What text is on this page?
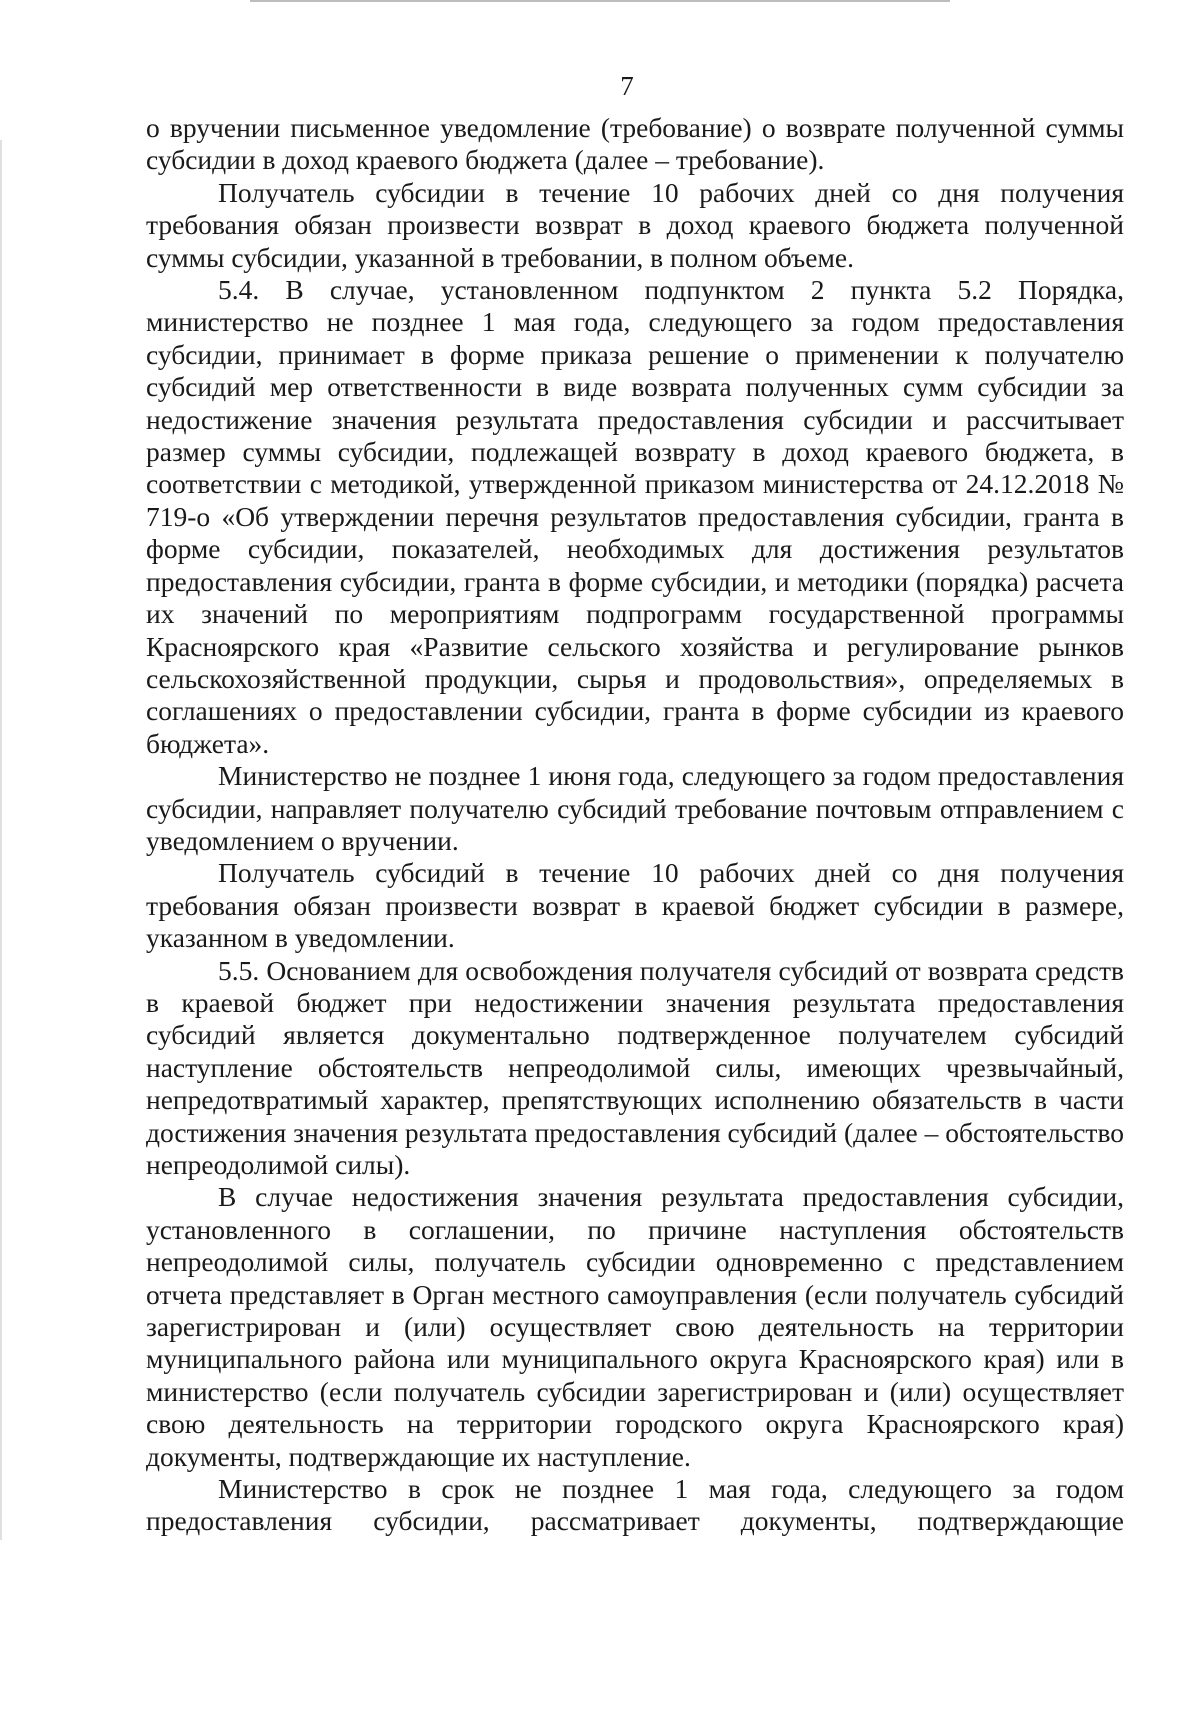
7

о вручении письменное уведомление (требование) о возврате полученной суммы субсидии в доход краевого бюджета (далее – требование).

Получатель субсидии в течение 10 рабочих дней со дня получения требования обязан произвести возврат в доход краевого бюджета полученной суммы субсидии, указанной в требовании, в полном объеме.

5.4. В случае, установленном подпунктом 2 пункта 5.2 Порядка, министерство не позднее 1 мая года, следующего за годом предоставления субсидии, принимает в форме приказа решение о применении к получателю субсидий мер ответственности в виде возврата полученных сумм субсидии за недостижение значения результата предоставления субсидии и рассчитывает размер суммы субсидии, подлежащей возврату в доход краевого бюджета, в соответствии с методикой, утвержденной приказом министерства от 24.12.2018 № 719-о «Об утверждении перечня результатов предоставления субсидии, гранта в форме субсидии, показателей, необходимых для достижения результатов предоставления субсидии, гранта в форме субсидии, и методики (порядка) расчета их значений по мероприятиям подпрограмм государственной программы Красноярского края «Развитие сельского хозяйства и регулирование рынков сельскохозяйственной продукции, сырья и продовольствия», определяемых в соглашениях о предоставлении субсидии, гранта в форме субсидии из краевого бюджета».

Министерство не позднее 1 июня года, следующего за годом предоставления субсидии, направляет получателю субсидий требование почтовым отправлением с уведомлением о вручении.

Получатель субсидий в течение 10 рабочих дней со дня получения требования обязан произвести возврат в краевой бюджет субсидии в размере, указанном в уведомлении.

5.5. Основанием для освобождения получателя субсидий от возврата средств в краевой бюджет при недостижении значения результата предоставления субсидий является документально подтвержденное получателем субсидий наступление обстоятельств непреодолимой силы, имеющих чрезвычайный, непредотвратимый характер, препятствующих исполнению обязательств в части достижения значения результата предоставления субсидий (далее – обстоятельство непреодолимой силы).

В случае недостижения значения результата предоставления субсидии, установленного в соглашении, по причине наступления обстоятельств непреодолимой силы, получатель субсидии одновременно с представлением отчета представляет в Орган местного самоуправления (если получатель субсидий зарегистрирован и (или) осуществляет свою деятельность на территории муниципального района или муниципального округа Красноярского края) или в министерство (если получатель субсидии зарегистрирован и (или) осуществляет свою деятельность на территории городского округа Красноярского края) документы, подтверждающие их наступление.

Министерство в срок не позднее 1 мая года, следующего за годом предоставления субсидии, рассматривает документы, подтверждающие
